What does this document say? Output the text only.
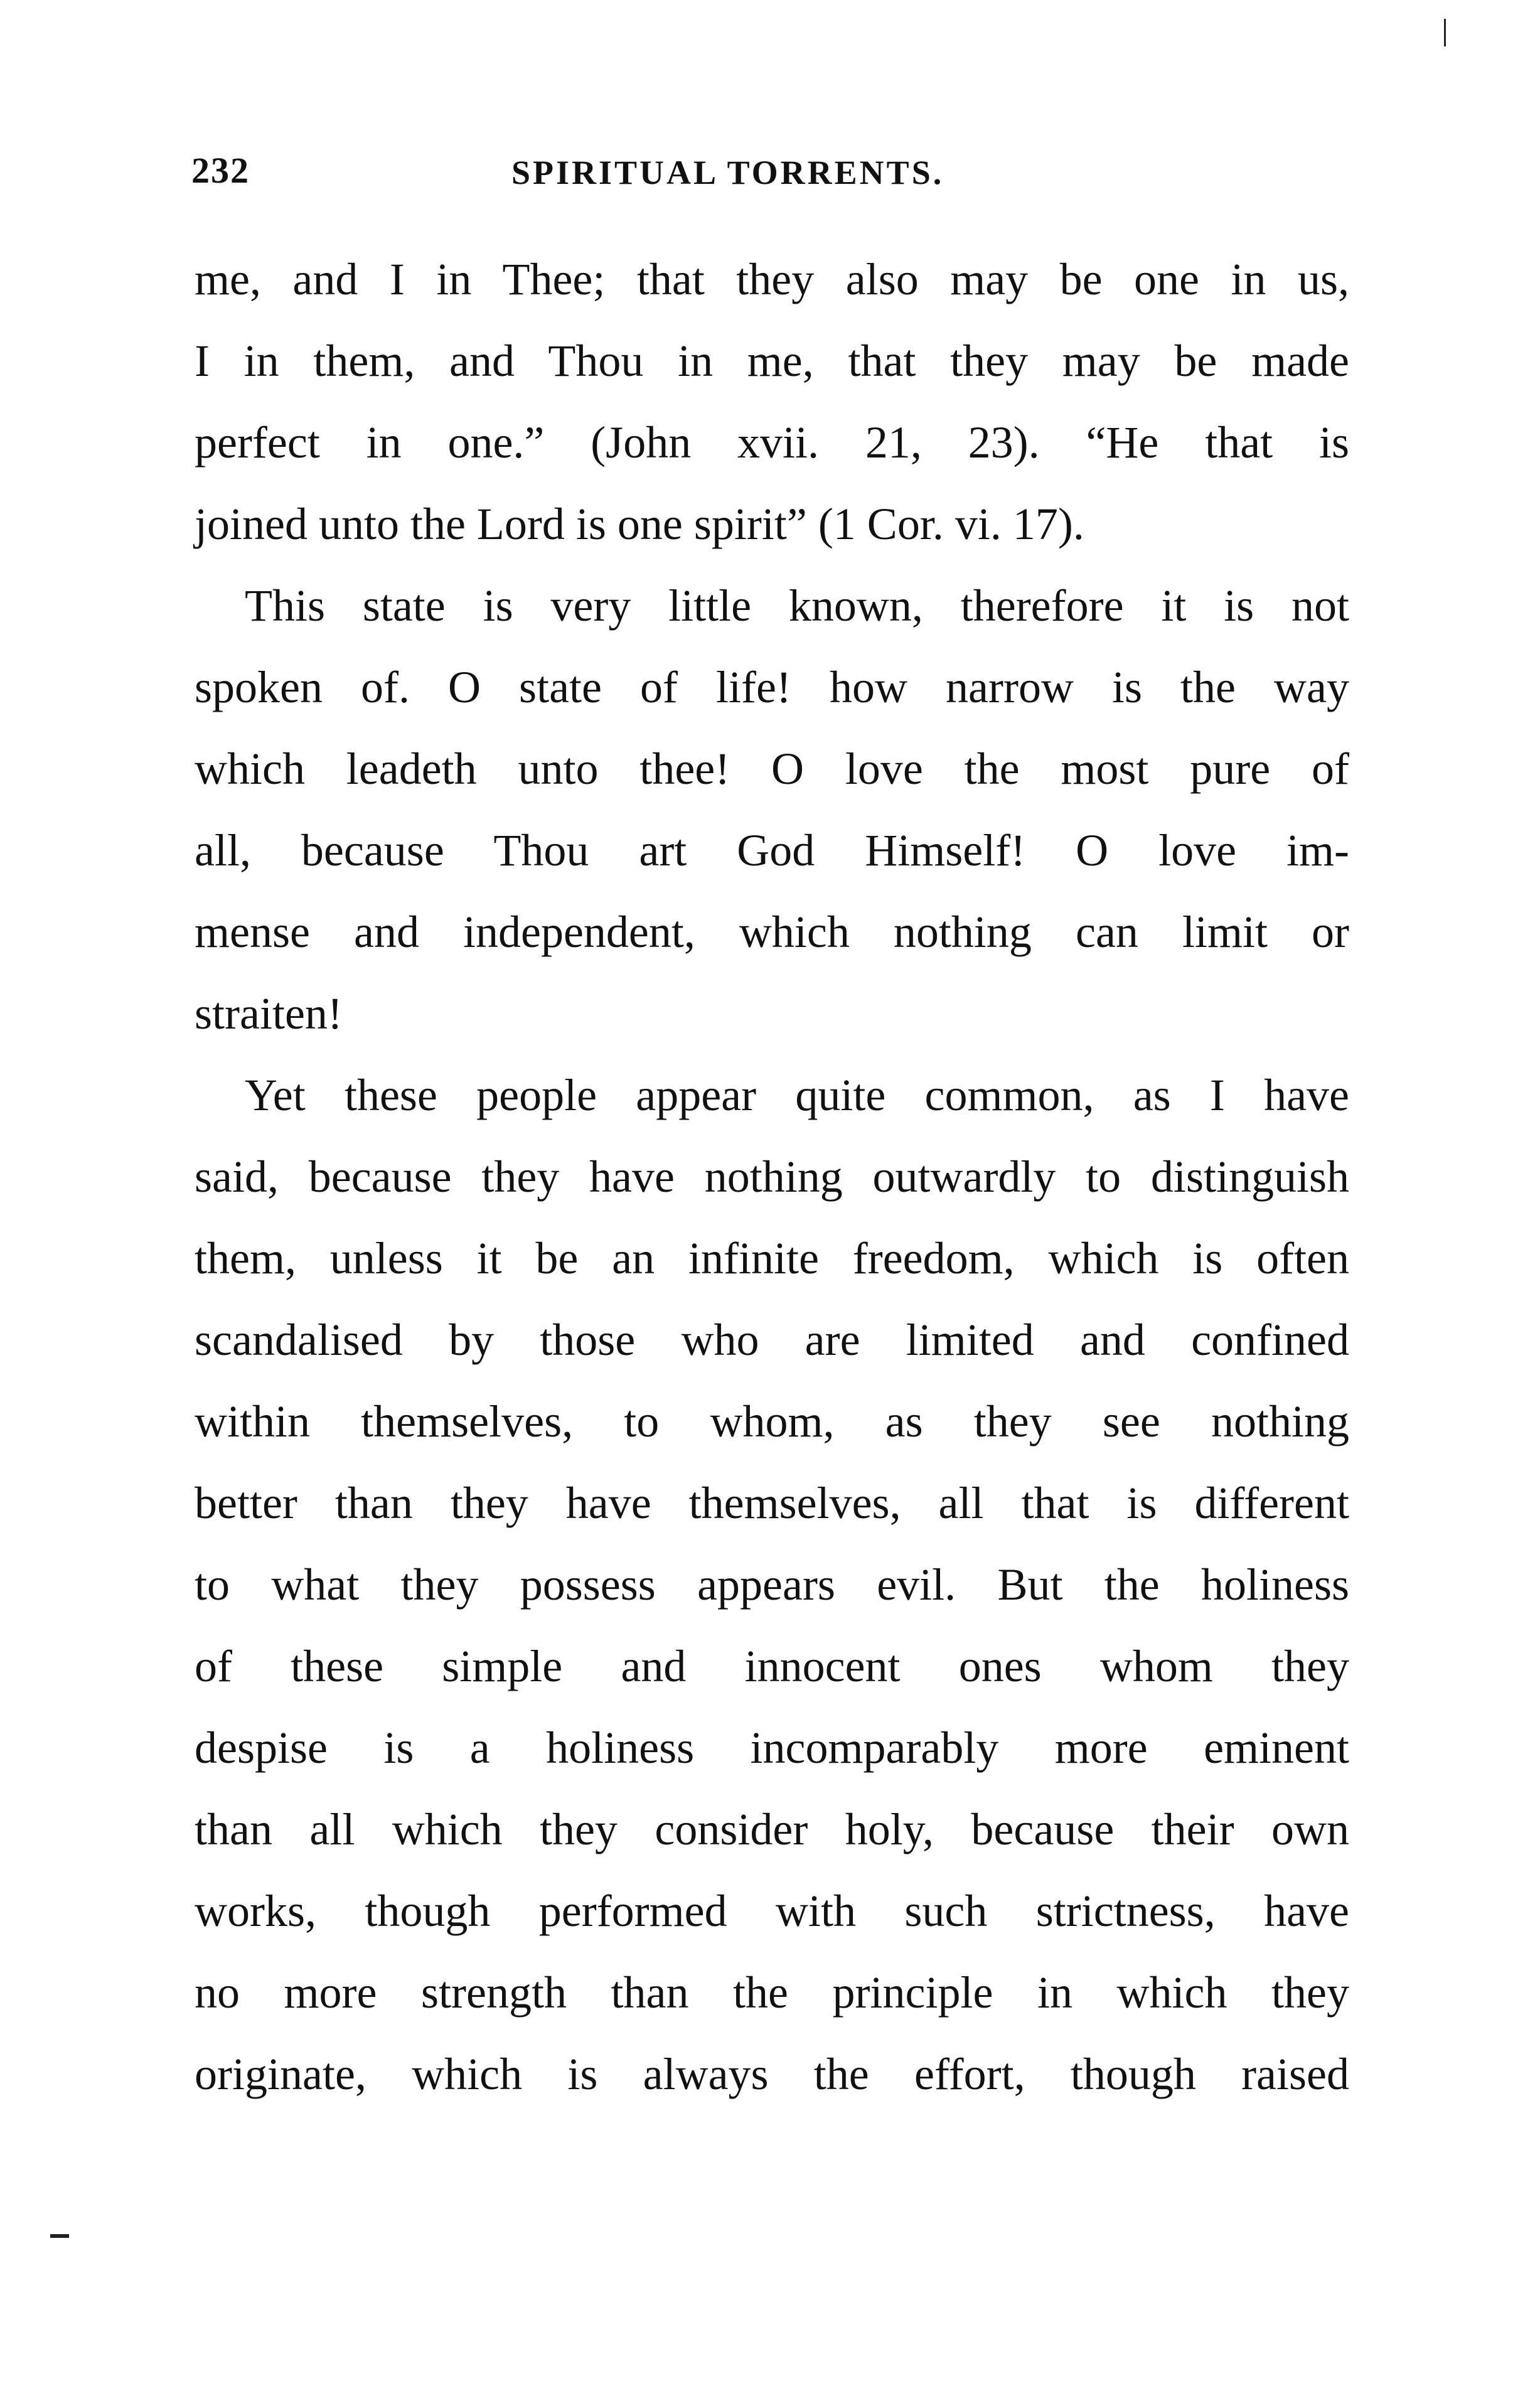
232	SPIRITUAL TORRENTS.
me, and I in Thee; that they also may be one in us,
I in them, and Thou in me, that they may be made
perfect in one.” (John xvii. 21, 23). “He that is
joined unto the Lord is one spirit” (1 Cor. vi. 17).
This state is very little known, therefore it is not
spoken of. O state of life! how narrow is the way
which leadeth unto thee! O love the most pure of
all, because Thou art God Himself! O love im-
mense and independent, which nothing can limit or
straiten!
Yet these people appear quite common, as I have
said, because they have nothing outwardly to distinguish
them, unless it be an infinite freedom, which is often
scandalised by those who are limited and confined
within themselves, to whom, as they see nothing
better than they have themselves, all that is different
to what they possess appears evil. But the holiness
of these simple and innocent ones whom they
despise is a holiness incomparably more eminent
than all which they consider holy, because their own
works, though performed with such strictness, have
no more strength than the principle in which they
originate, which is always the effort, though raised
